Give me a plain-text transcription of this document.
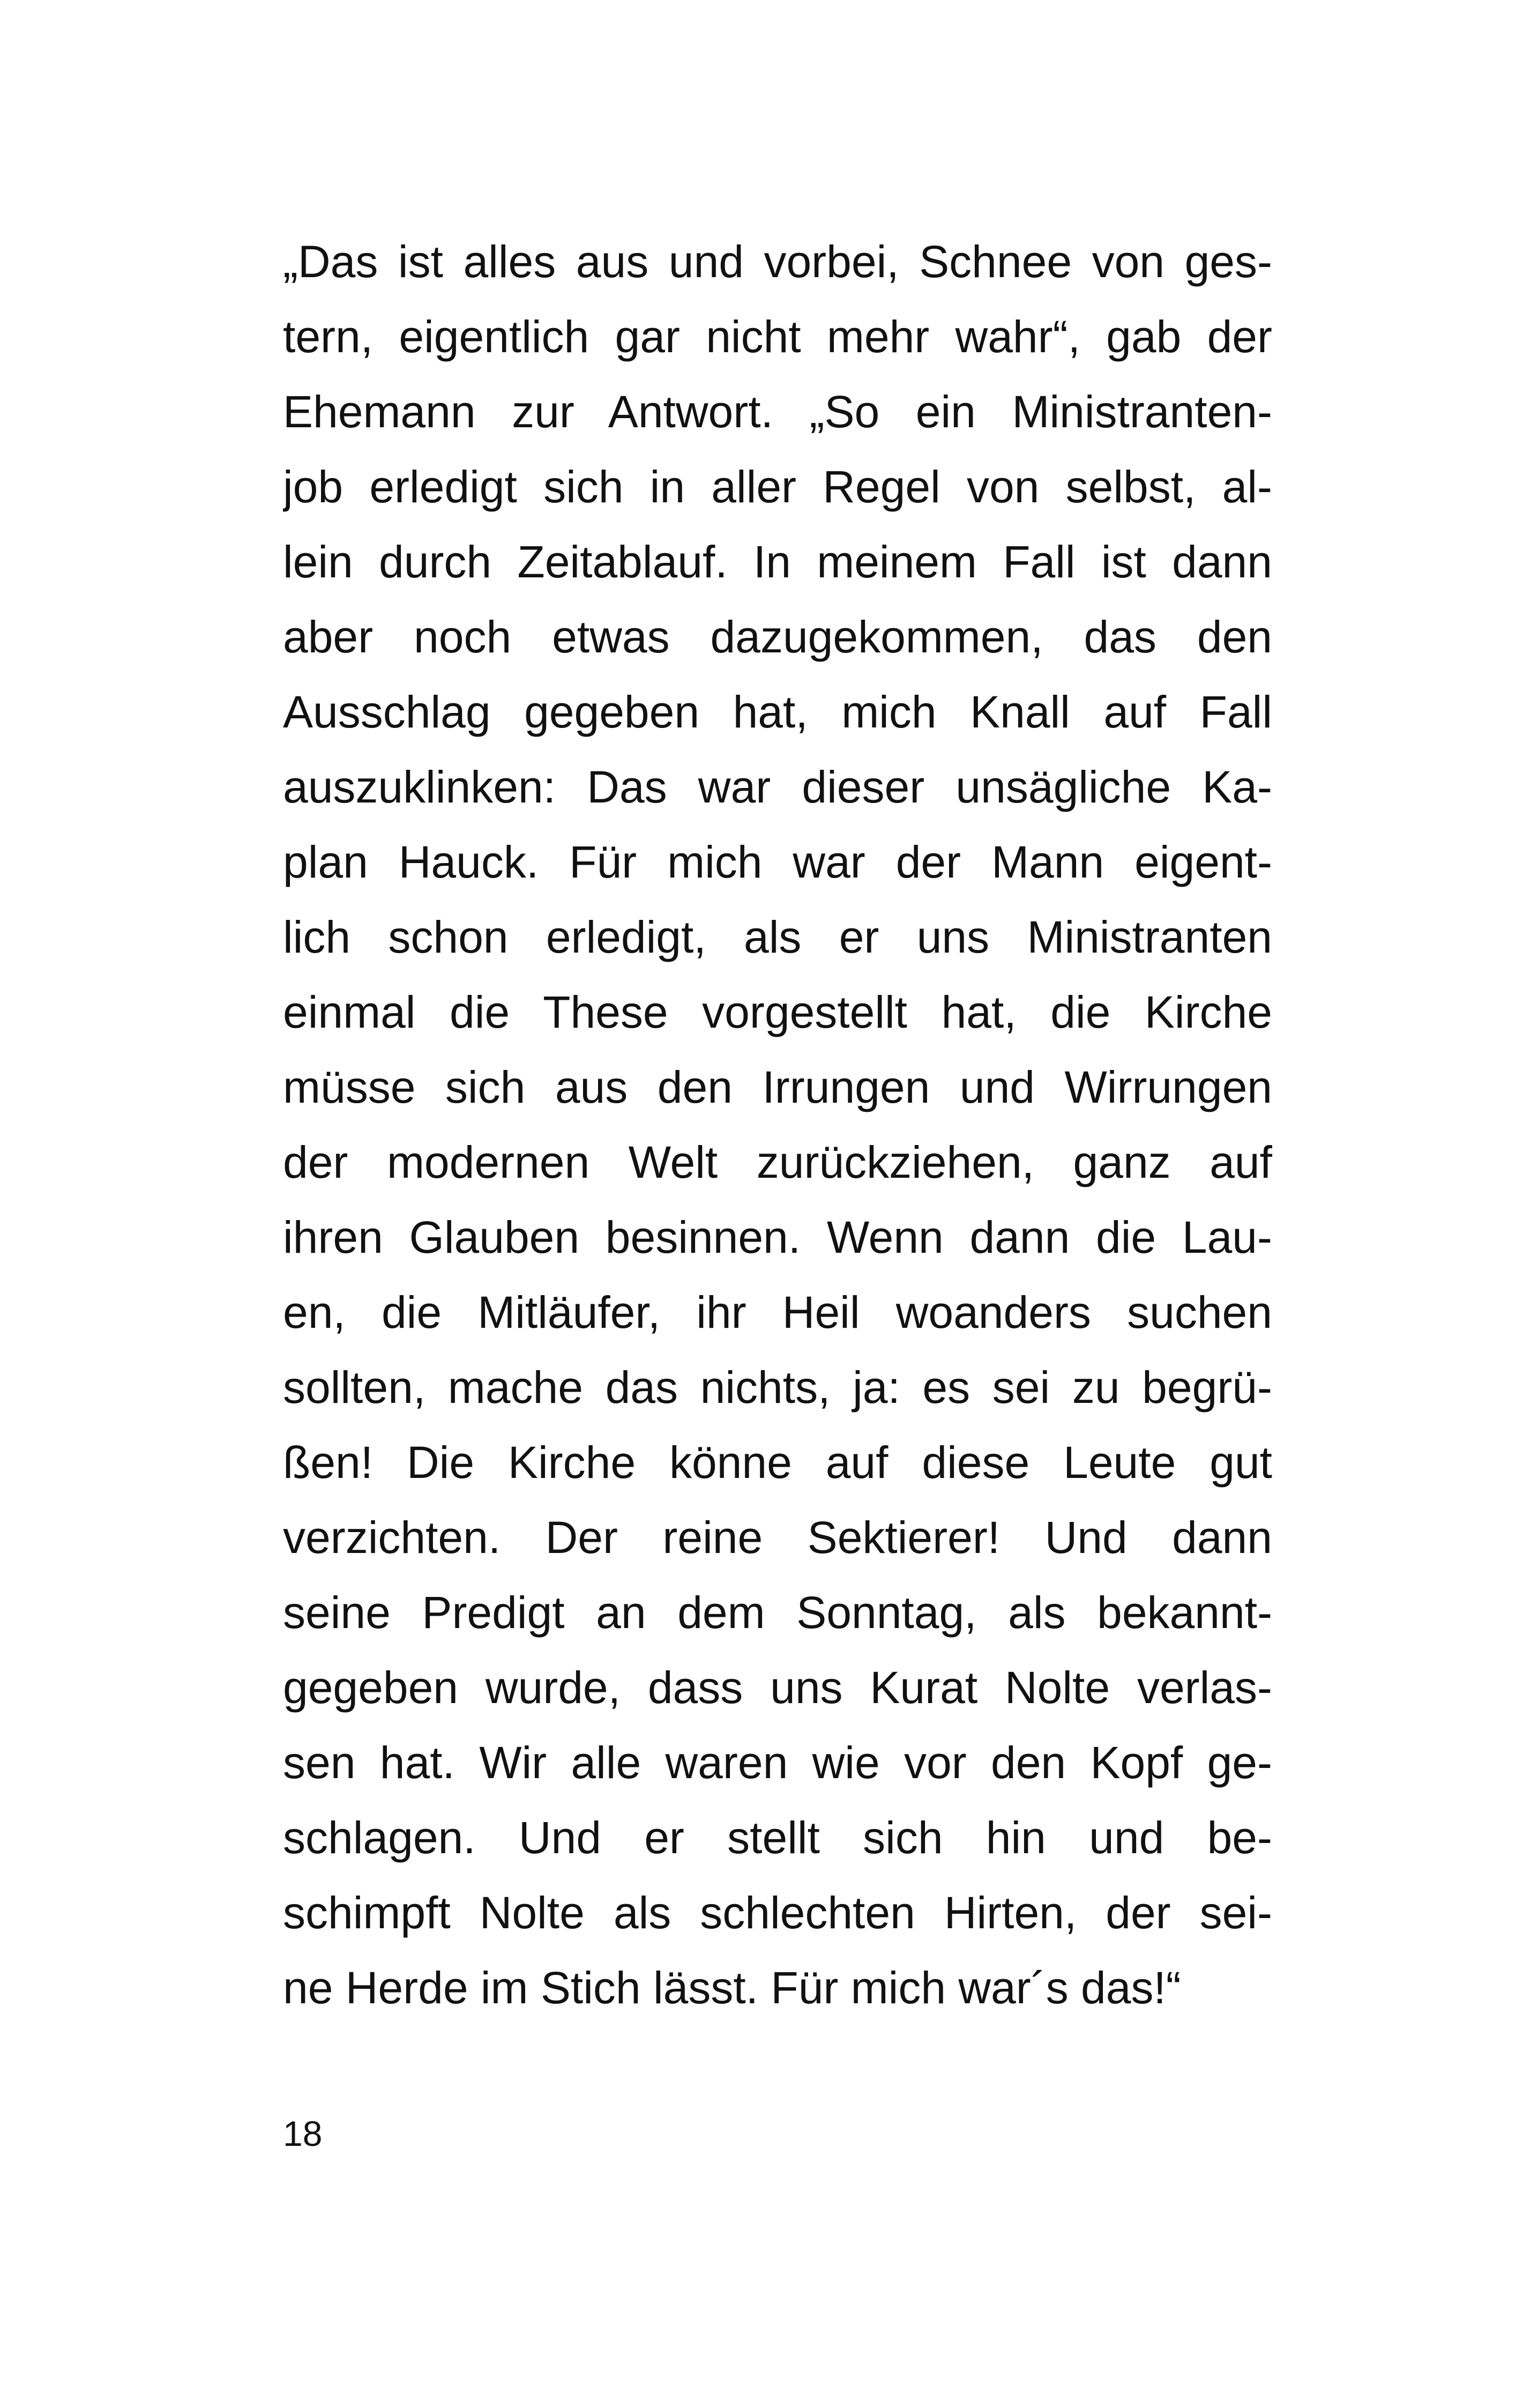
„Das ist alles aus und vorbei, Schnee von ges-
tern, eigentlich gar nicht mehr wahr“, gab der
Ehemann zur Antwort. „So ein Ministranten-
job erledigt sich in aller Regel von selbst, al-
lein durch Zeitablauf. In meinem Fall ist dann
aber noch etwas dazugekommen, das den
Ausschlag gegeben hat, mich Knall auf Fall
auszuklinken: Das war dieser unsägliche Ka-
plan Hauck. Für mich war der Mann eigent-
lich schon erledigt, als er uns Ministranten
einmal die These vorgestellt hat, die Kirche
müsse sich aus den Irrungen und Wirrungen
der modernen Welt zurückziehen, ganz auf
ihren Glauben besinnen. Wenn dann die Lau-
en, die Mitläufer, ihr Heil woanders suchen
sollten, mache das nichts, ja: es sei zu begrü-
ßen! Die Kirche könne auf diese Leute gut
verzichten. Der reine Sektierer! Und dann
seine Predigt an dem Sonntag, als bekannt-
gegeben wurde, dass uns Kurat Nolte verlas-
sen hat. Wir alle waren wie vor den Kopf ge-
schlagen. Und er stellt sich hin und be-
schimpft Nolte als schlechten Hirten, der sei-
ne Herde im Stich lässt. Für mich war´s das!“
18
